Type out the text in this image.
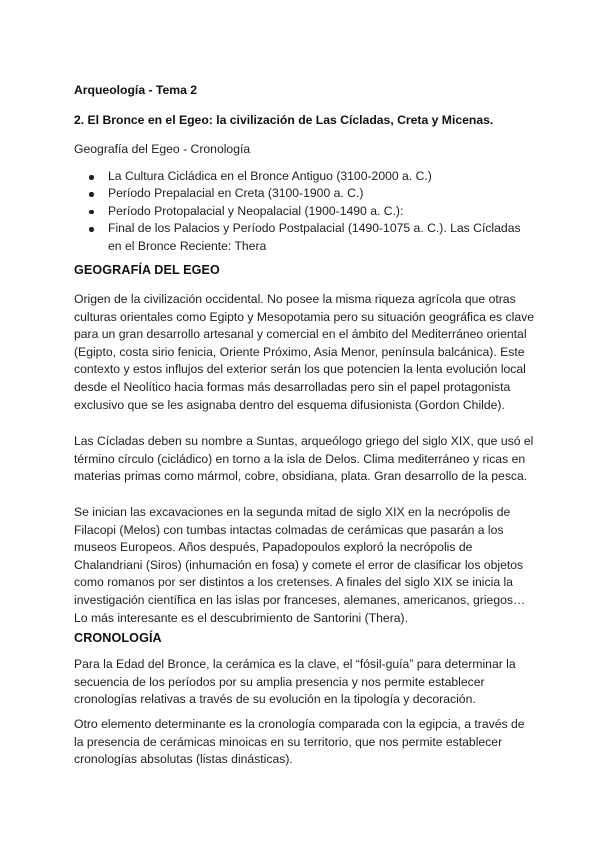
Arqueología - Tema 2

2. El Bronce en el Egeo: la civilización de Las Cícladas, Creta y Micenas.

Geografía del Egeo - Cronología

La Cultura Cicládica en el Bronce Antiguo (3100-2000 a. C.)
Período Prepalacial en Creta (3100-1900 a. C.)
Período Protopalacial y Neopalacial (1900-1490 a. C.):
Final de los Palacios y Período Postpalacial (1490-1075 a. C.). Las Cícladas en el Bronce Reciente: Thera

GEOGRAFÍA DEL EGEO

Origen de la civilización occidental. No posee la misma riqueza agrícola que otras culturas orientales como Egipto y Mesopotamia pero su situación geográfica es clave para un gran desarrollo artesanal y comercial en el ámbito del Mediterráneo oriental (Egipto, costa sirio fenicia, Oriente Próximo, Asia Menor, península balcánica). Este contexto y estos influjos del exterior serán los que potencien la lenta evolución local desde el Neolítico hacia formas más desarrolladas pero sin el papel protagonista exclusivo que se les asignaba dentro del esquema difusionista (Gordon Childe).

Las Cícladas deben su nombre a Suntas, arqueólogo griego del siglo XIX, que usó el término círculo (cicládico) en torno a la isla de Delos. Clima mediterráneo y ricas en materias primas como mármol, cobre, obsidiana, plata. Gran desarrollo de la pesca.

Se inician las excavaciones en la segunda mitad de siglo XIX en la necrópolis de Filacopi (Melos) con tumbas intactas colmadas de cerámicas que pasarán a los museos Europeos. Años después, Papadopoulos exploró la necrópolis de Chalandriani (Siros) (inhumación en fosa) y comete el error de clasificar los objetos como romanos por ser distintos a los cretenses. A finales del siglo XIX se inicia la investigación científica en las islas por franceses, alemanes, americanos, griegos… Lo más interesante es el descubrimiento de Santorini (Thera).

CRONOLOGÍA

Para la Edad del Bronce, la cerámica es la clave, el “fósil-guía” para determinar la secuencia de los períodos por su amplia presencia y nos permite establecer cronologías relativas a través de su evolución en la tipología y decoración.

Otro elemento determinante es la cronología comparada con la egipcia, a través de la presencia de cerámicas minoicas en su territorio, que nos permite establecer cronologías absolutas (listas dinásticas).
